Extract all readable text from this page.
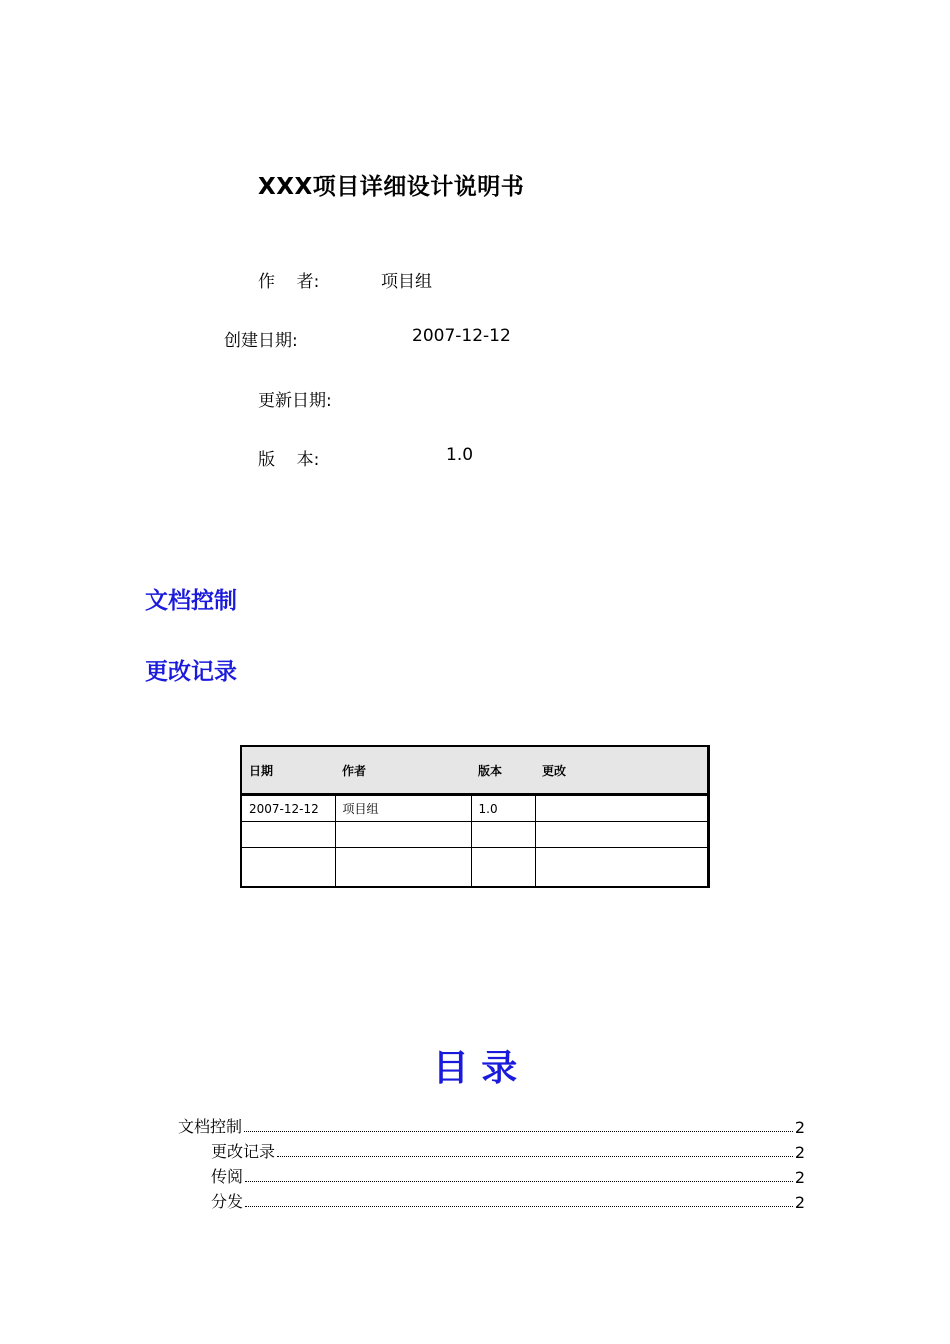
XXX项目详细设计说明书
作    者:	项目组
创建日期:	2007-12-12
更新日期:
版    本:	1.0
文档控制
更改记录
日期	作者	版本	更改
2007-12-12	项目组	1.0	

目 录
文档控制	2
更改记录	2
传阅	2
分发	2
